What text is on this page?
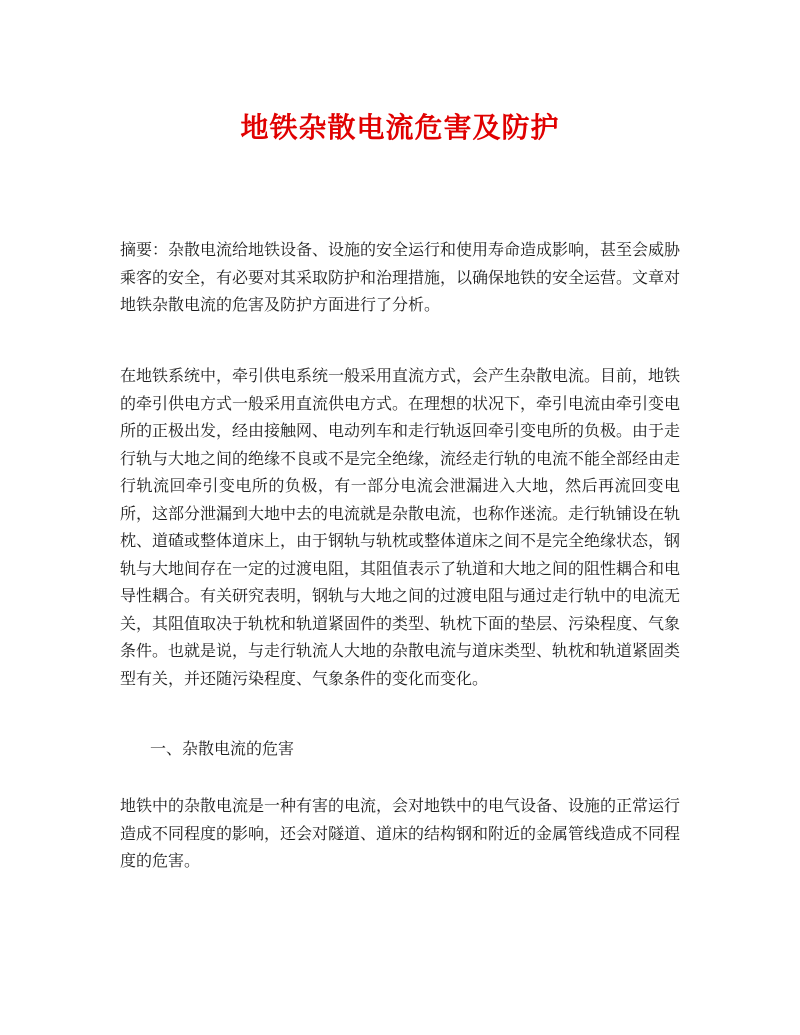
地铁杂散电流危害及防护

摘要：杂散电流给地铁设备、设施的安全运行和使用寿命造成影响，甚至会威胁乘客的安全，有必要对其采取防护和治理措施，以确保地铁的安全运营。文章对地铁杂散电流的危害及防护方面进行了分析。

在地铁系统中，牵引供电系统一般采用直流方式，会产生杂散电流。目前，地铁的牵引供电方式一般采用直流供电方式。在理想的状况下，牵引电流由牵引变电所的正极出发，经由接触网、电动列车和走行轨返回牵引变电所的负极。由于走行轨与大地之间的绝缘不良或不是完全绝缘，流经走行轨的电流不能全部经由走行轨流回牵引变电所的负极，有一部分电流会泄漏进入大地，然后再流回变电所，这部分泄漏到大地中去的电流就是杂散电流，也称作迷流。走行轨铺设在轨枕、道碴或整体道床上，由于钢轨与轨枕或整体道床之间不是完全绝缘状态，钢轨与大地间存在一定的过渡电阻，其阻值表示了轨道和大地之间的阻性耦合和电导性耦合。有关研究表明，钢轨与大地之间的过渡电阻与通过走行轨中的电流无关，其阻值取决于轨枕和轨道紧固件的类型、轨枕下面的垫层、污染程度、气象条件。也就是说，与走行轨流人大地的杂散电流与道床类型、轨枕和轨道紧固类型有关，并还随污染程度、气象条件的变化而变化。

一、杂散电流的危害

地铁中的杂散电流是一种有害的电流，会对地铁中的电气设备、设施的正常运行造成不同程度的影响，还会对隧道、道床的结构钢和附近的金属管线造成不同程度的危害。
